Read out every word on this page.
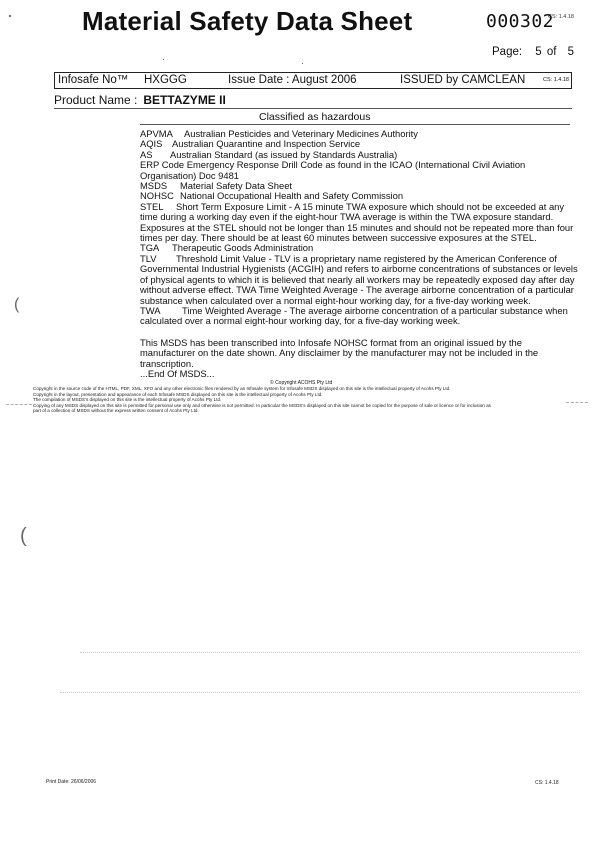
Material Safety Data Sheet	000302
CS: 1.4.18
Page: 5 of 5
Infosafe No™ HXGGG	Issue Date : August 2006	ISSUED by CAMCLEAN	CS: 1.4.18
Product Name : BETTAZYME II
Classified as hazardous
APVMA Australian Pesticides and Veterinary Medicines Authority
AQIS Australian Quarantine and Inspection Service
AS Australian Standard (as issued by Standards Australia)
ERP Code Emergency Response Drill Code as found in the ICAO (International Civil Aviation Organisation) Doc 9481
MSDS Material Safety Data Sheet
NOHSC National Occupational Health and Safety Commission
STEL Short Term Exposure Limit - A 15 minute TWA exposure which should not be exceeded at any time during a working day even if the eight-hour TWA average is within the TWA exposure standard. Exposures at the STEL should not be longer than 15 minutes and should not be repeated more than four times per day. There should be at least 60 minutes between successive exposures at the STEL.
TGA Therapeutic Goods Administration
TLV Threshold Limit Value - TLV is a proprietary name registered by the American Conference of Governmental Industrial Hygienists (ACGIH) and refers to airborne concentrations of substances or levels of physical agents to which it is believed that nearly all workers may be repeatedly exposed day after day without adverse effect. TWA Time Weighted Average - The average airborne concentration of a particular substance when calculated over a normal eight-hour working day, for a five-day working week.
TWA Time Weighted Average - The average airborne concentration of a particular substance when calculated over a normal eight-hour working day, for a five-day working week.
This MSDS has been transcribed into Infosafe NOHSC format from an original issued by the manufacturer on the date shown. Any disclaimer by the manufacturer may not be included in the transcription.
...End Of MSDS...
© Copyright ACOHS Pty Ltd
Copyright in the source code of the HTML, PDF, XML, XFO and any other electronic files rendered by an Infosafe system for Infosafe MSDS displayed on this site is the intellectual property of Acohs Pty Ltd.
Copyright in the layout, presentation and appearance of each Infosafe MSDS displayed on this site is the intellectual property of Acohs Pty Ltd.
The compilation of MSDS's displayed on this site is the intellectual property of Acohs Pty Ltd.
Copying of any MSDS displayed on this site is permitted for personal use only and otherwise is not permitted. In particular the MSDS's displayed on this site cannot be copied for the purpose of sale or licence or for inclusion as
part of a collection of MSDS without the express written consent of Acohs Pty Ltd.
(
(
Print Date: 26/06/2006	CS: 1.4.18
